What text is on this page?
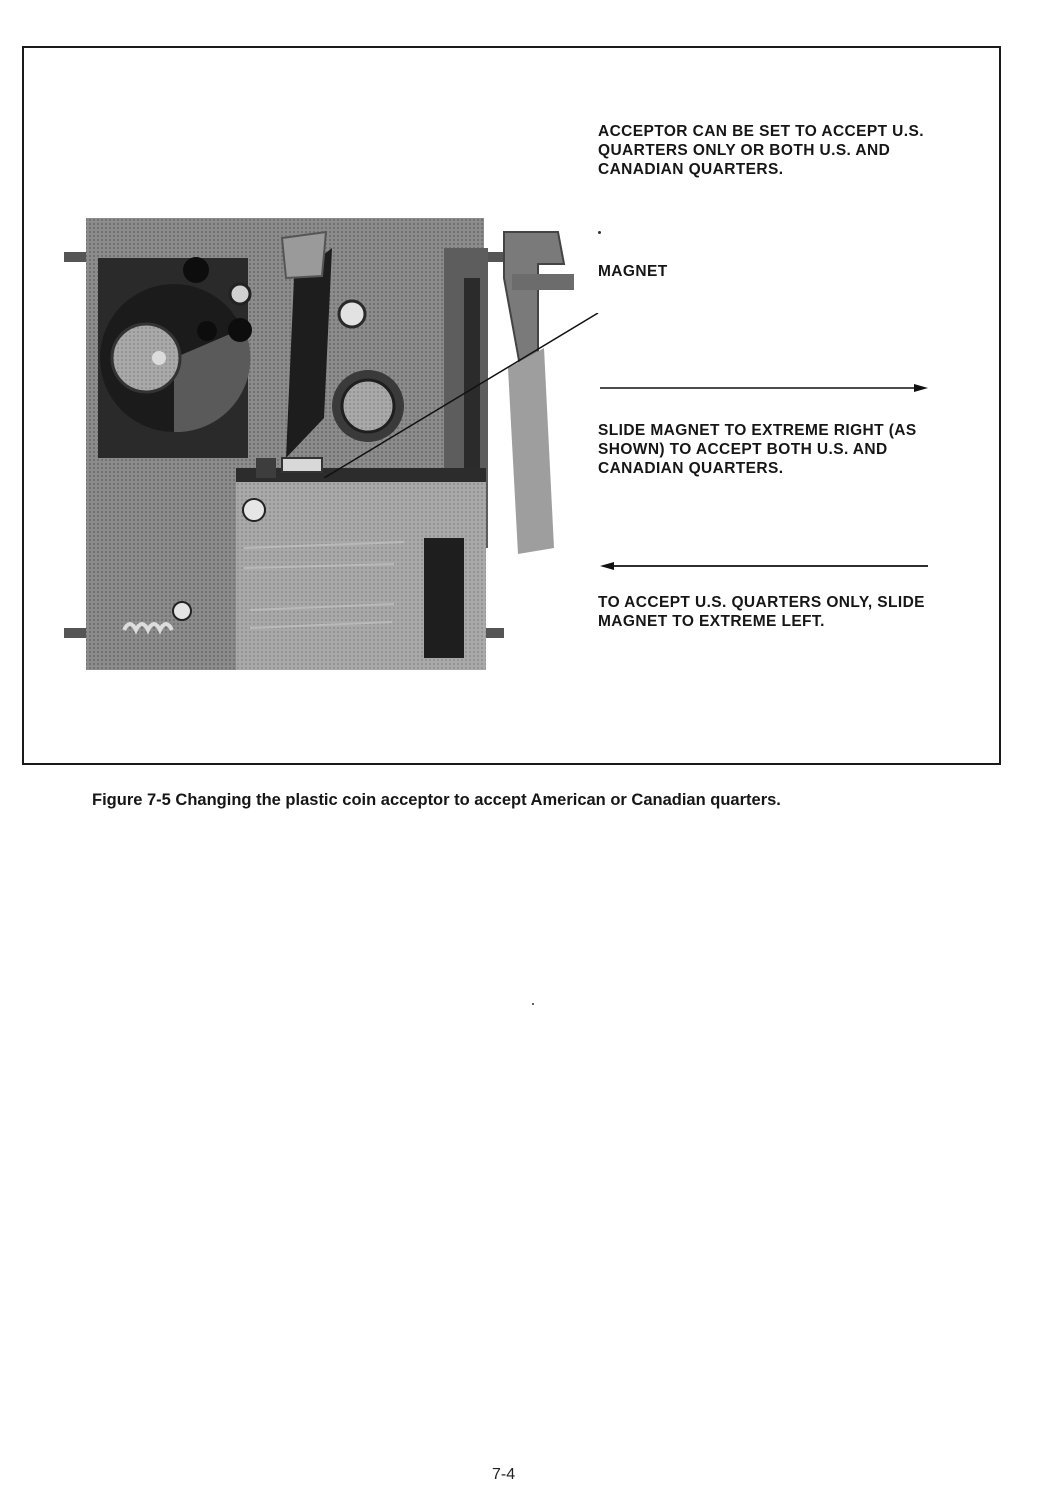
ACCEPTOR CAN BE SET TO ACCEPT U.S.
QUARTERS ONLY OR BOTH U.S. AND
CANADIAN QUARTERS.
MAGNET
SLIDE MAGNET TO EXTREME RIGHT (AS
SHOWN) TO ACCEPT BOTH U.S. AND
CANADIAN QUARTERS.
TO ACCEPT U.S. QUARTERS ONLY, SLIDE
MAGNET TO EXTREME LEFT.
Figure 7-5 Changing the plastic coin acceptor to accept American or Canadian quarters.
7-4
